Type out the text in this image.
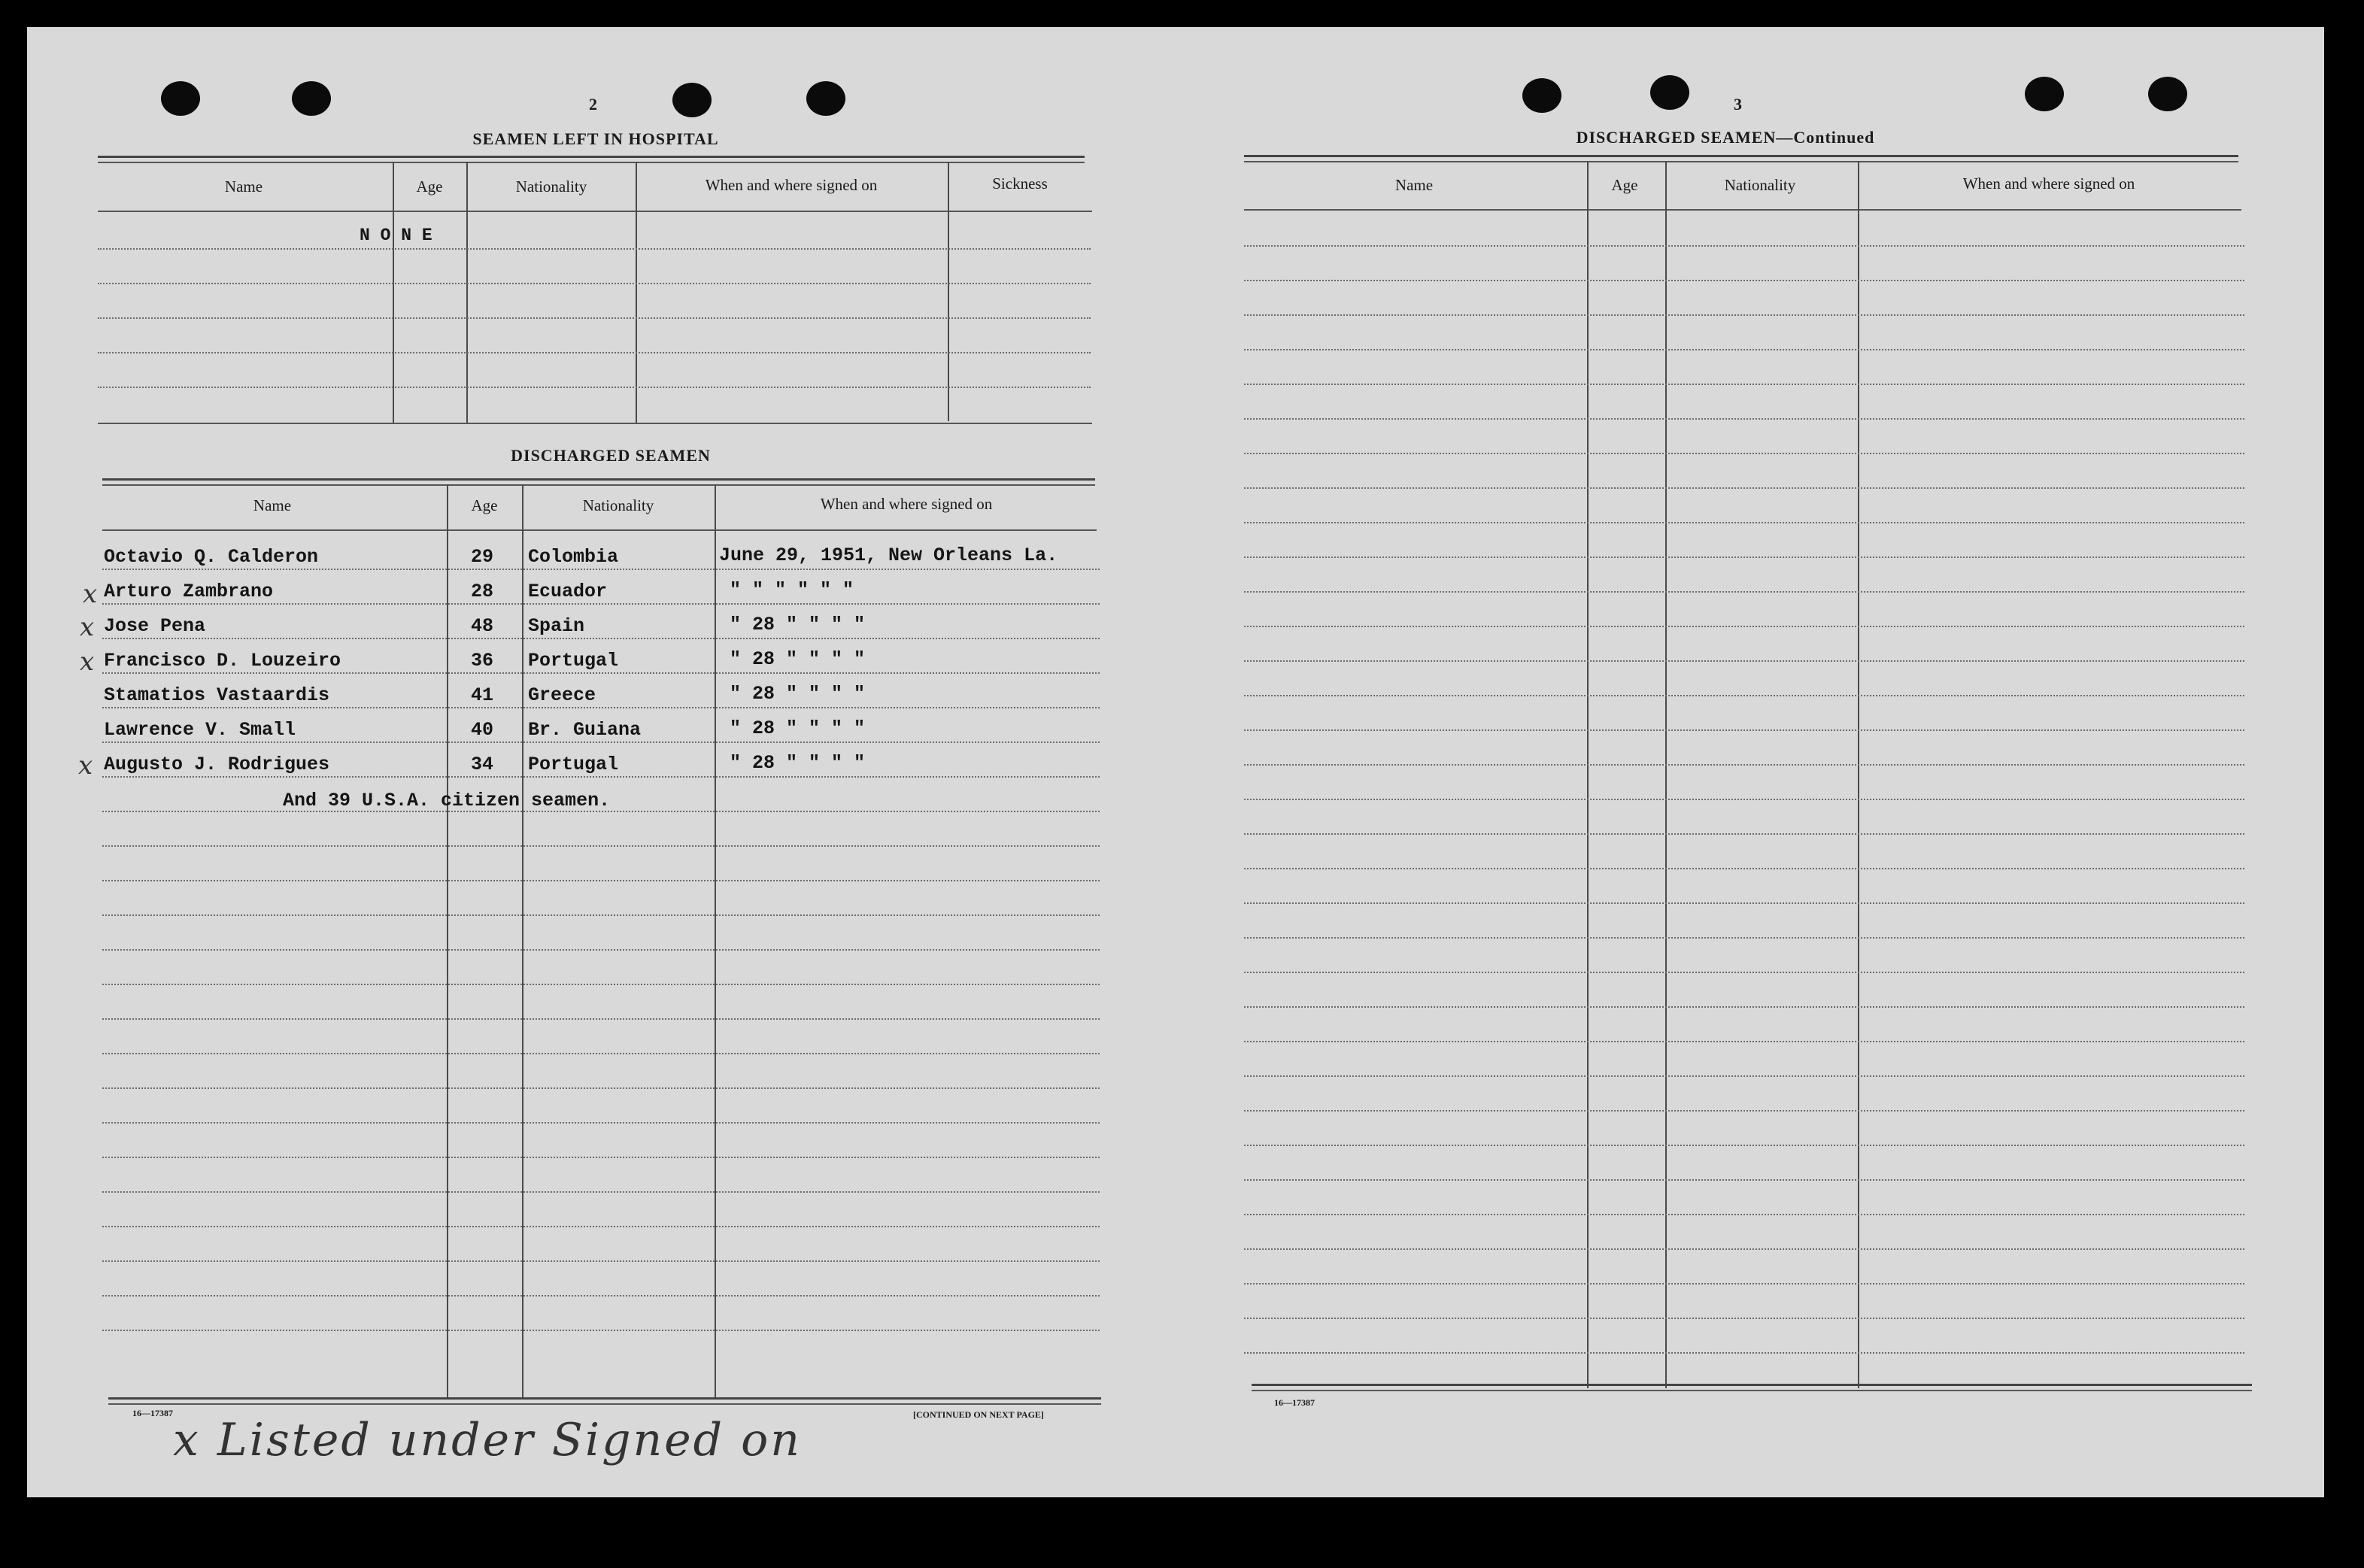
2
SEAMEN LEFT IN HOSPITAL
Name	Age	Nationality	When and where signed on	Sickness
N O N E
DISCHARGED SEAMEN
Name	Age	Nationality	When and where signed on
Octavio Q. Calderon	29 Colombia	June 29, 1951, New Orleans La.
Arturo Zambrano	28 Ecuador	" " " " " "
Jose Pena	48 Spain	" 28 " " " "
Francisco D. Louzeiro	36 Portugal	" 28 " " " "
Stamatios Vastaardis	41 Greece	" 28 " " " "
Lawrence V. Small	40 Br. Guiana	" 28 " " " "
Augusto J. Rodrigues	34 Portugal	" 28 " " " "
And 39 U.S.A. citizen seamen.
x
x
x
x
16—17387	[CONTINUED ON NEXT PAGE]
x Listed under Signed on
3
DISCHARGED SEAMEN—Continued
Name	Age	Nationality	When and where signed on
16—17387
